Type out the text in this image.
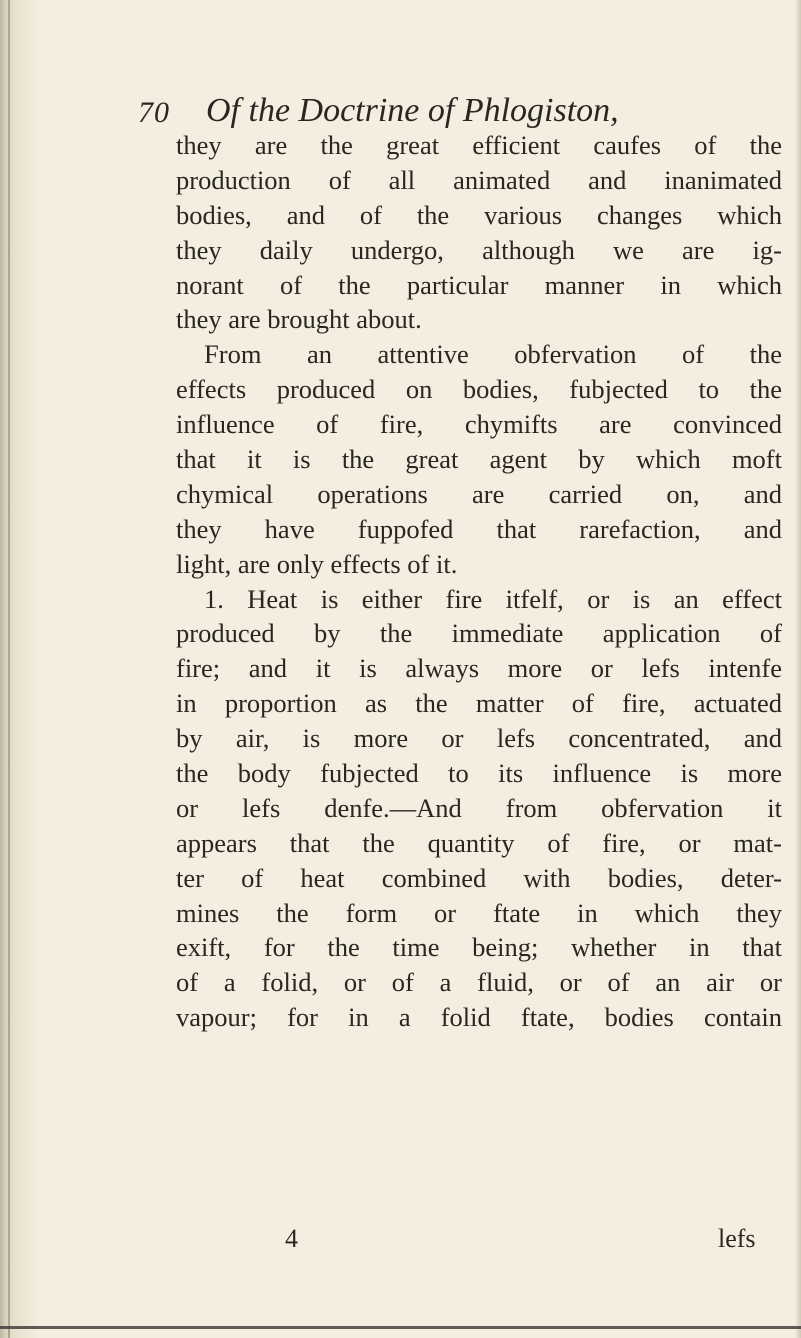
70 Of the Doctrine of Phlogiston,
they are the great efficient caufes of the
production of all animated and inanimated
bodies, and of the various changes which
they daily undergo, although we are ig-
norant of the particular manner in which
they are brought about.
From an attentive obfervation of the
effects produced on bodies, fubjected to the
influence of fire, chymifts are convinced
that it is the great agent by which moft
chymical operations are carried on, and
they have fuppofed that rarefaction, and
light, are only effects of it.
1. Heat is either fire itfelf, or is an effect
produced by the immediate application of
fire; and it is always more or lefs intenfe
in proportion as the matter of fire, actuated
by air, is more or lefs concentrated, and
the body fubjected to its influence is more
or lefs denfe.—And from obfervation it
appears that the quantity of fire, or mat-
ter of heat combined with bodies, deter-
mines the form or ftate in which they
exift, for the time being; whether in that
of a folid, or of a fluid, or of an air or
vapour; for in a folid ftate, bodies contain
4	lefs
